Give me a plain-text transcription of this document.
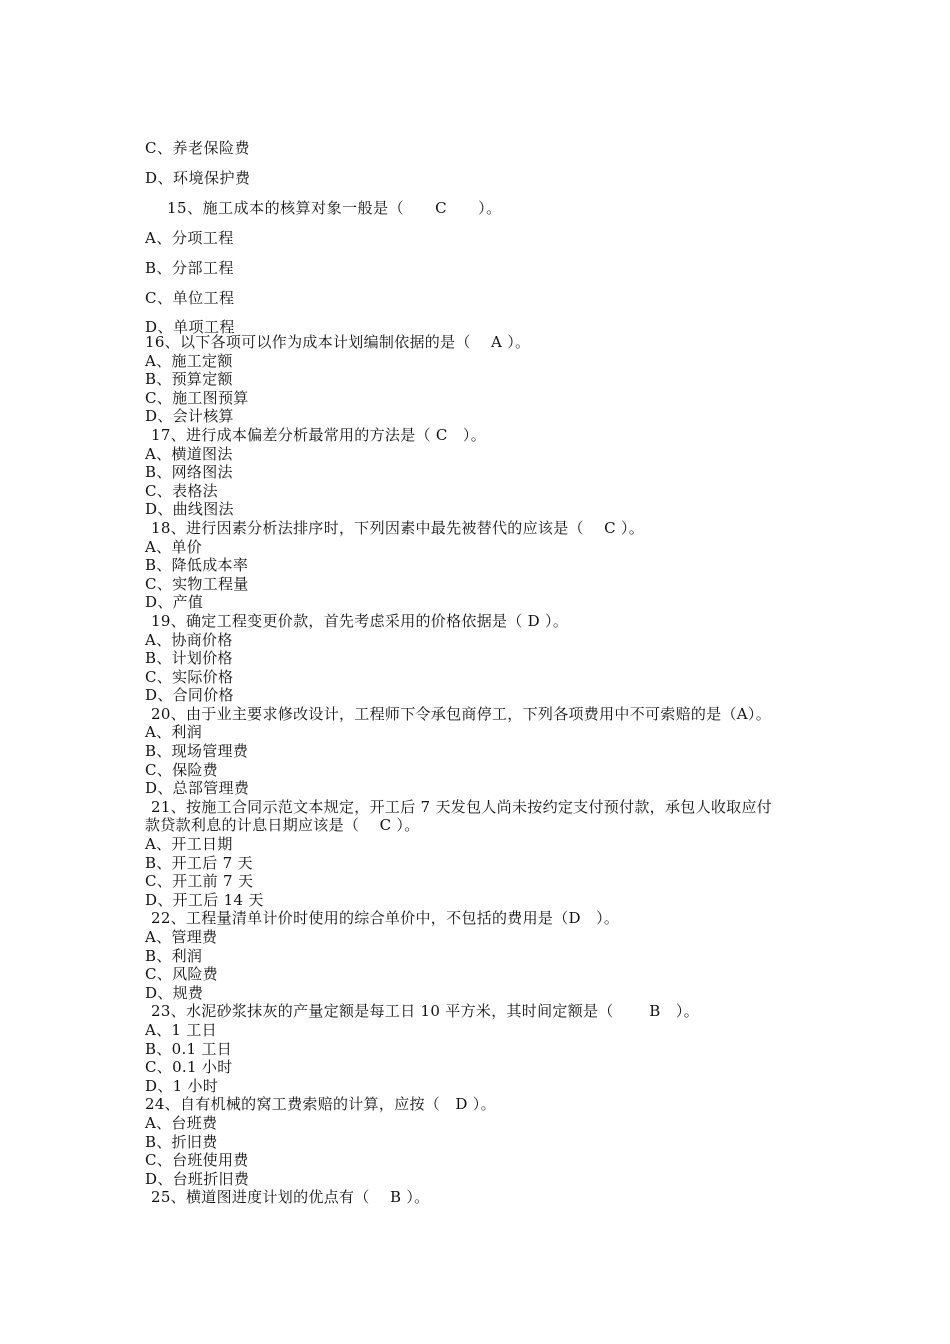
C、养老保险费
D、环境保护费
15、施工成本的核算对象一般是（　　C　　）。
A、分项工程
B、分部工程
C、单位工程
D、单项工程
16、以下各项可以作为成本计划编制依据的是（　 A ）。
A、施工定额
B、预算定额
C、施工图预算
D、会计核算
17、进行成本偏差分析最常用的方法是（ C　）。
A、横道图法
B、网络图法
C、表格法
D、曲线图法
18、进行因素分析法排序时，下列因素中最先被替代的应该是（　 C ）。
A、单价
B、降低成本率
C、实物工程量
D、产值
19、确定工程变更价款，首先考虑采用的价格依据是（ D ）。
A、协商价格
B、计划价格
C、实际价格
D、合同价格
20、由于业主要求修改设计，工程师下令承包商停工，下列各项费用中不可索赔的是（A）。
A、利润
B、现场管理费
C、保险费
D、总部管理费
21、按施工合同示范文本规定，开工后 7 天发包人尚未按约定支付预付款，承包人收取应付
款贷款利息的计息日期应该是（　 C ）。
A、开工日期
B、开工后 7 天
C、开工前 7 天
D、开工后 14 天
22、工程量清单计价时使用的综合单价中，不包括的费用是（D　）。
A、管理费
B、利润
C、风险费
D、规费
23、水泥砂浆抹灰的产量定额是每工日 10 平方米，其时间定额是（　　 B　）。
A、1 工日
B、0.1 工日
C、0.1 小时
D、1 小时
24、自有机械的窝工费索赔的计算，应按（　D ）。
A、台班费
B、折旧费
C、台班使用费
D、台班折旧费
25、横道图进度计划的优点有（　 B ）。
